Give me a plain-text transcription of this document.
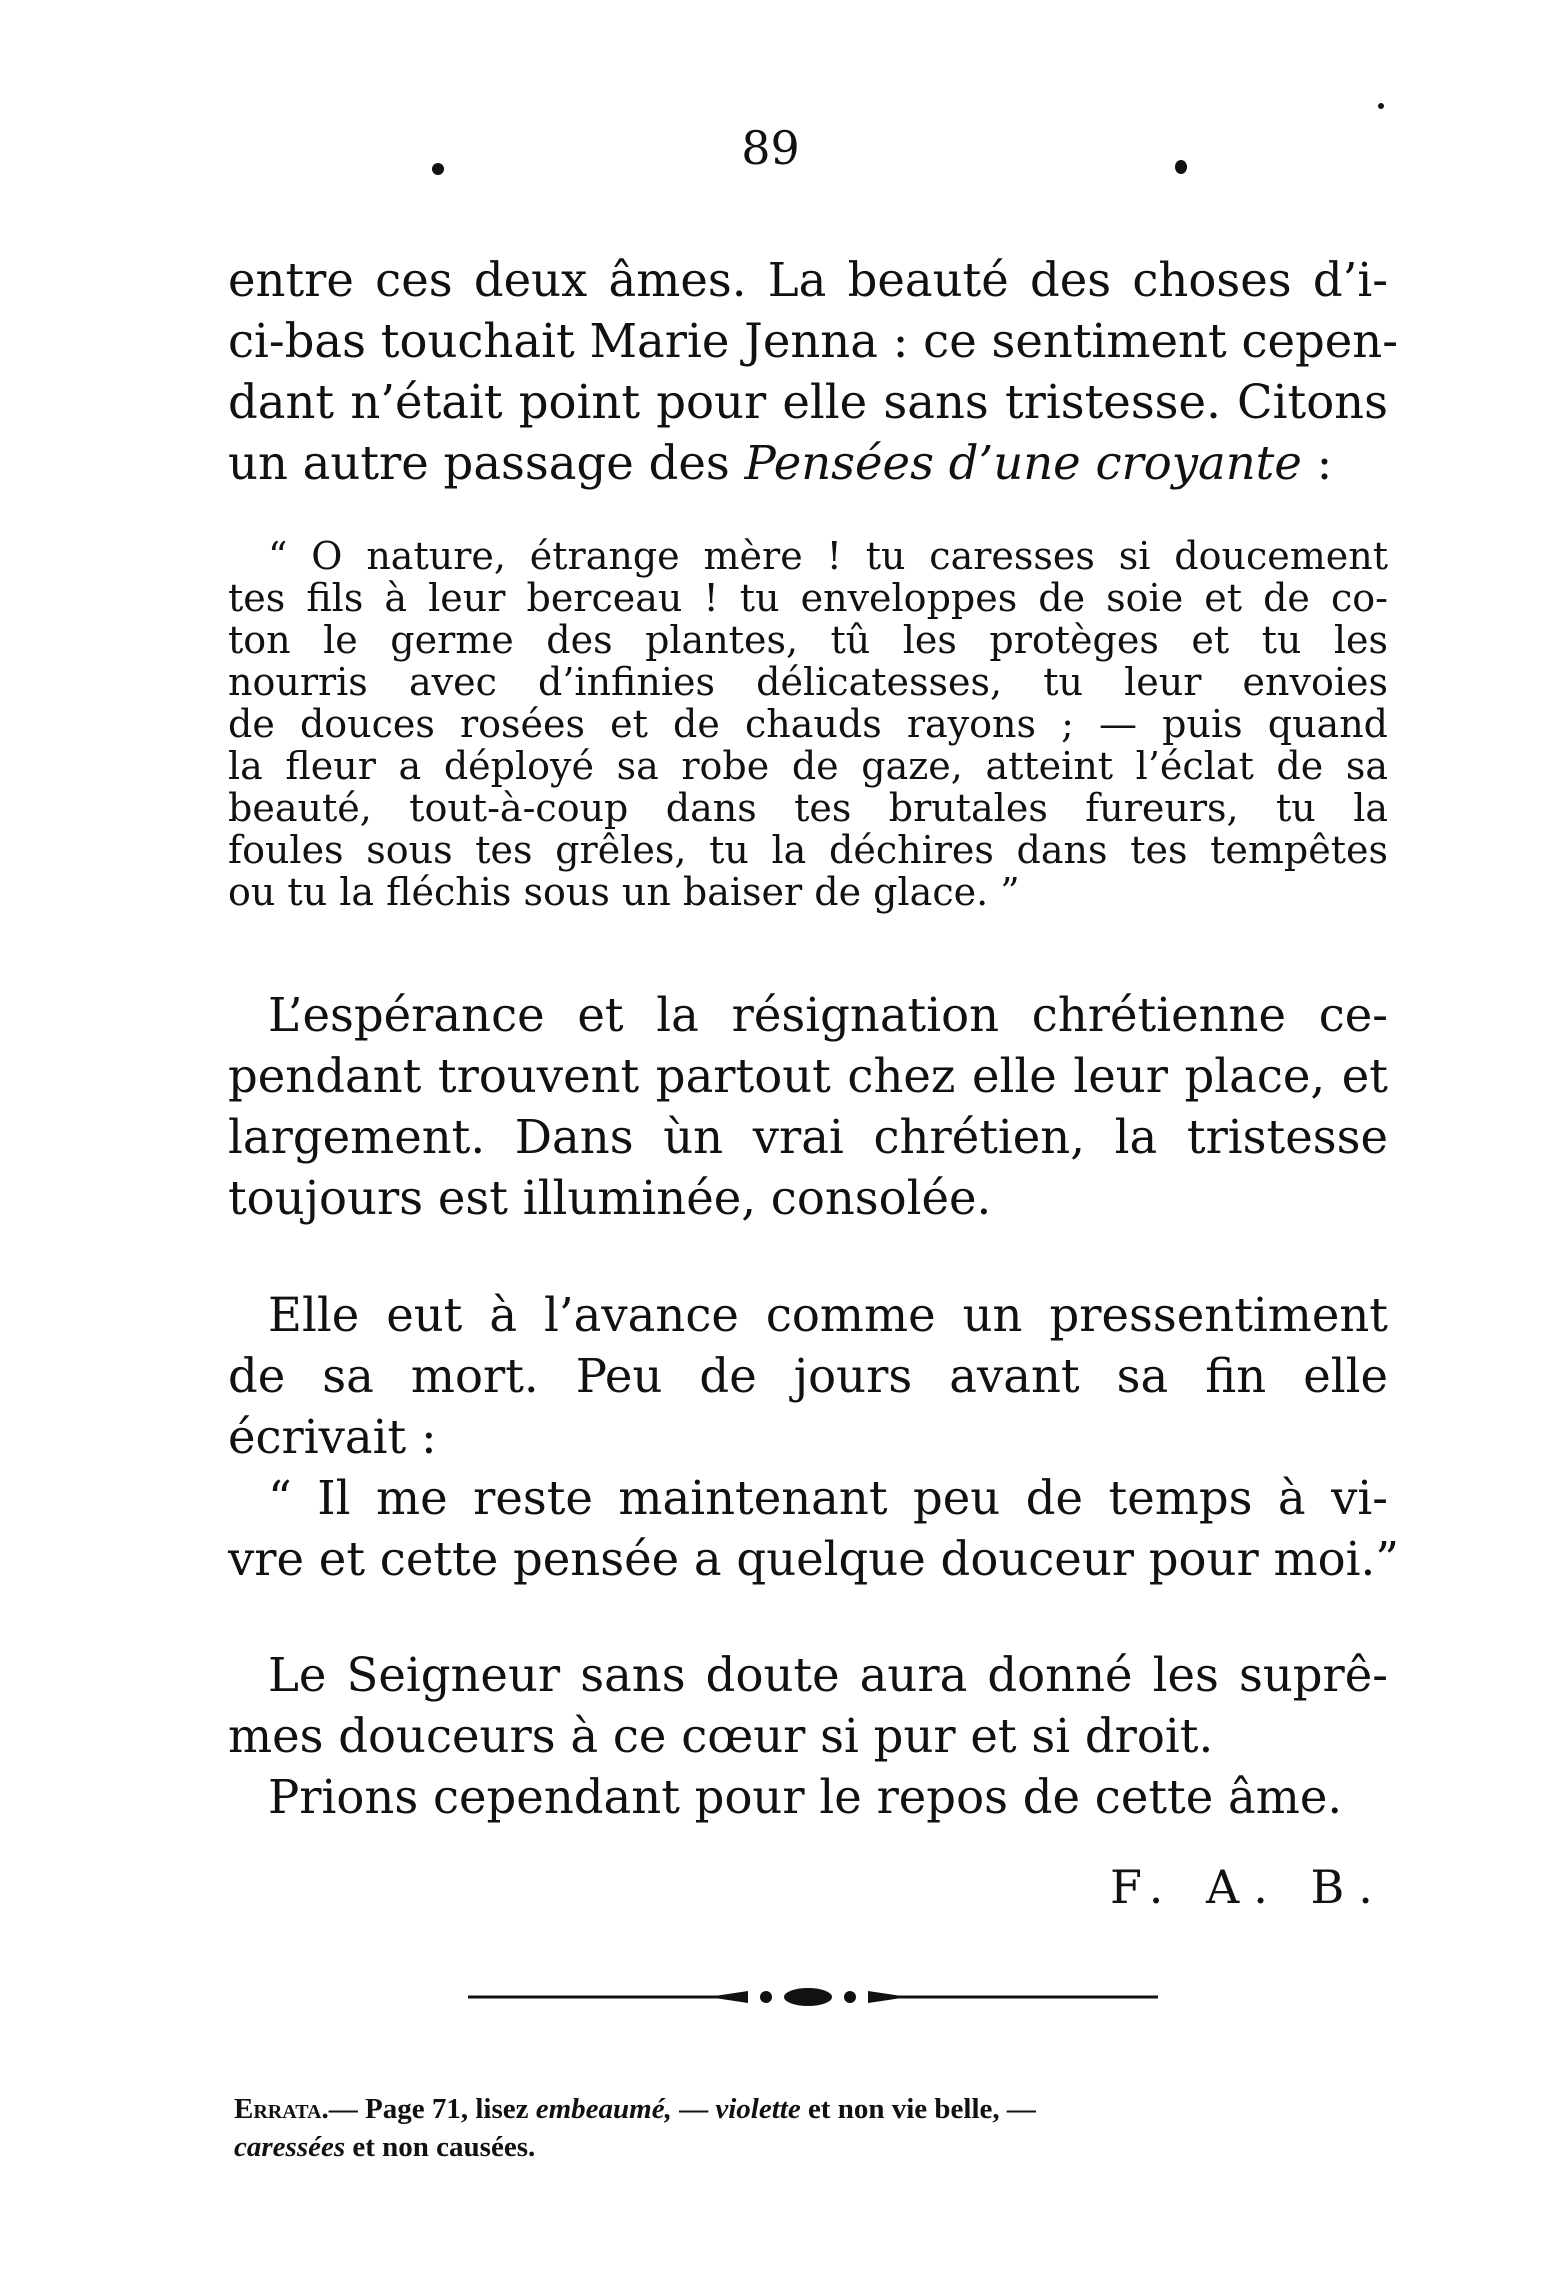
89
entre ces deux âmes. La beauté des choses d’i-
ci-bas touchait Marie Jenna : ce sentiment cepen-
dant n’était point pour elle sans tristesse. Citons
un autre passage des Pensées d’une croyante :
“ O nature, étrange mère ! tu caresses si doucement
tes fils à leur berceau ! tu enveloppes de soie et de co-
ton le germe des plantes, tû les protèges et tu les
nourris avec d’infinies délicatesses, tu leur envoies
de douces rosées et de chauds rayons ; — puis quand
la fleur a déployé sa robe de gaze, atteint l’éclat de sa
beauté, tout-à-coup dans tes brutales fureurs, tu la
foules sous tes grêles, tu la déchires dans tes tempêtes
ou tu la fléchis sous un baiser de glace. ”
L’espérance et la résignation chrétienne ce-
pendant trouvent partout chez elle leur place, et
largement. Dans ùn vrai chrétien, la tristesse
toujours est illuminée, consolée.
Elle eut à l’avance comme un pressentiment
de sa mort. Peu de jours avant sa fin elle
écrivait :
“ Il me reste maintenant peu de temps à vi-
vre et cette pensée a quelque douceur pour moi.”
Le Seigneur sans doute aura donné les suprê-
mes douceurs à ce cœur si pur et si droit.
Prions cependant pour le repos de cette âme.
F. A. B.
Errata.— Page 71, lisez embeaumé, — violette et non vie belle, —
caressées et non causées.
